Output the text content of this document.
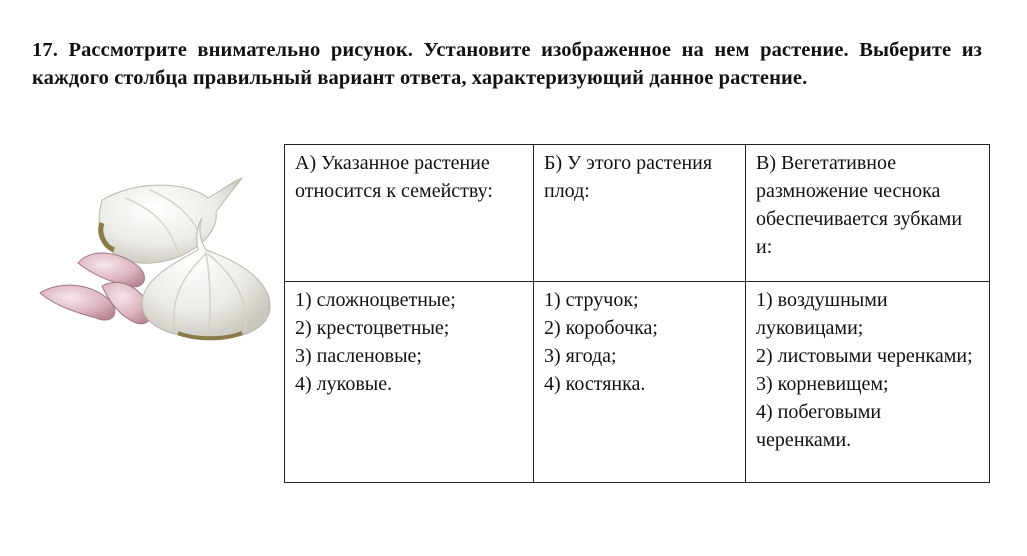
17. Рассмотрите внимательно рисунок. Установите изображенное на нем растение. Выберите из каждого столбца правильный вариант ответа, характеризующий данное растение.
А) Указанное растение относится к семейству:	Б) У этого растения плод:	В) Вегетативное размножение чеснока обеспечивается зубками и:

1) сложноцветные;
2) крестоцветные;
3) пасленовые;
4) луковые.	1) стручок;
2) коробочка;
3) ягода;
4) костянка.	1) воздушными луковицами;
2) листовыми черенками;
3) корневищем;
4) побеговыми черенками.
